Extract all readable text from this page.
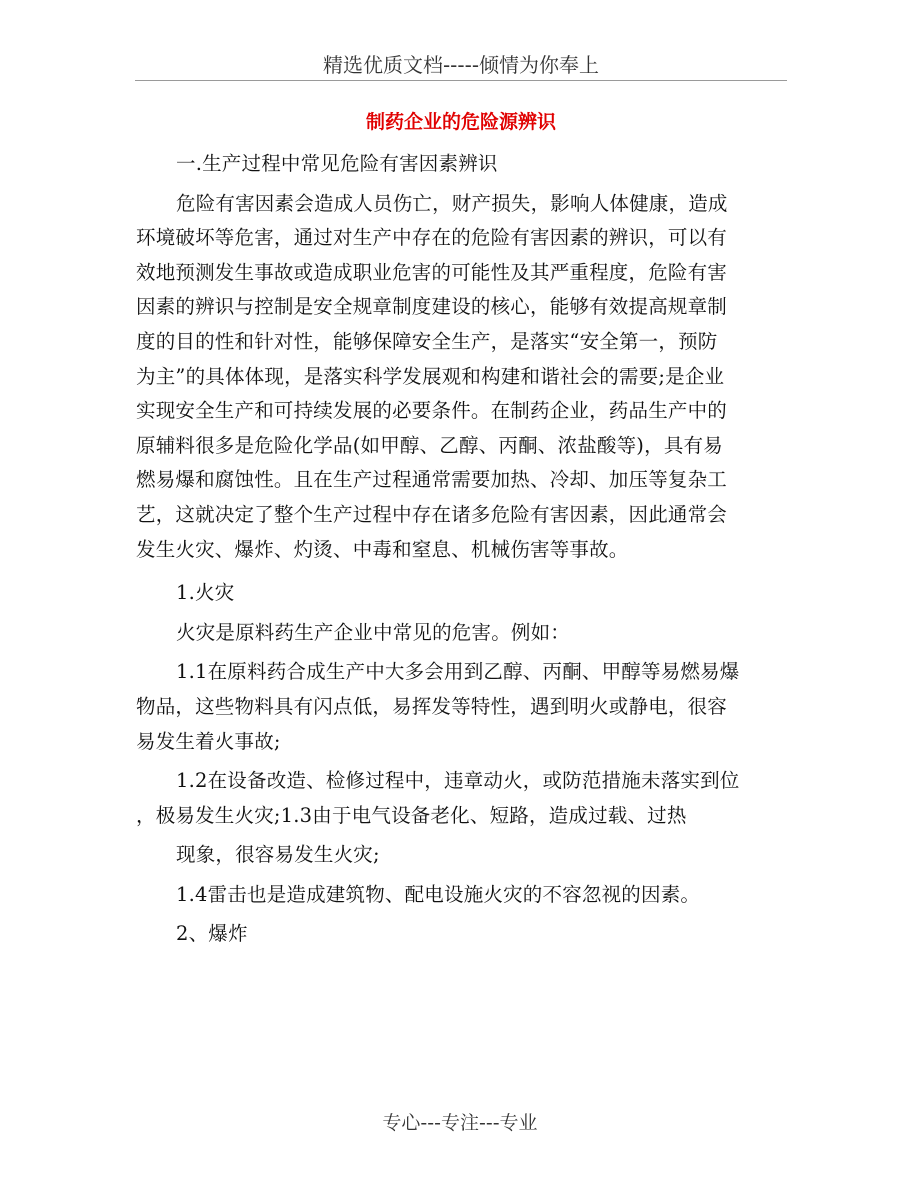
精选优质文档-----倾情为你奉上
制药企业的危险源辨识
一.生产过程中常见危险有害因素辨识
危险有害因素会造成人员伤亡，财产损失，影响人体健康，造成
环境破坏等危害，通过对生产中存在的危险有害因素的辨识，可以有
效地预测发生事故或造成职业危害的可能性及其严重程度，危险有害
因素的辨识与控制是安全规章制度建设的核心，能够有效提高规章制
度的目的性和针对性，能够保障安全生产，是落实“安全第一，预防
为主”的具体体现，是落实科学发展观和构建和谐社会的需要;是企业
实现安全生产和可持续发展的必要条件。在制药企业，药品生产中的
原辅料很多是危险化学品(如甲醇、乙醇、丙酮、浓盐酸等)，具有易
燃易爆和腐蚀性。且在生产过程通常需要加热、冷却、加压等复杂工
艺，这就决定了整个生产过程中存在诸多危险有害因素，因此通常会
发生火灾、爆炸、灼烫、中毒和窒息、机械伤害等事故。
1.火灾
火灾是原料药生产企业中常见的危害。例如：
1.1在原料药合成生产中大多会用到乙醇、丙酮、甲醇等易燃易爆
物品，这些物料具有闪点低，易挥发等特性，遇到明火或静电，很容
易发生着火事故;
1.2在设备改造、检修过程中，违章动火，或防范措施未落实到位
，极易发生火灾;1.3由于电气设备老化、短路，造成过载、过热
现象，很容易发生火灾;
1.4雷击也是造成建筑物、配电设施火灾的不容忽视的因素。
2、爆炸
专心---专注---专业
